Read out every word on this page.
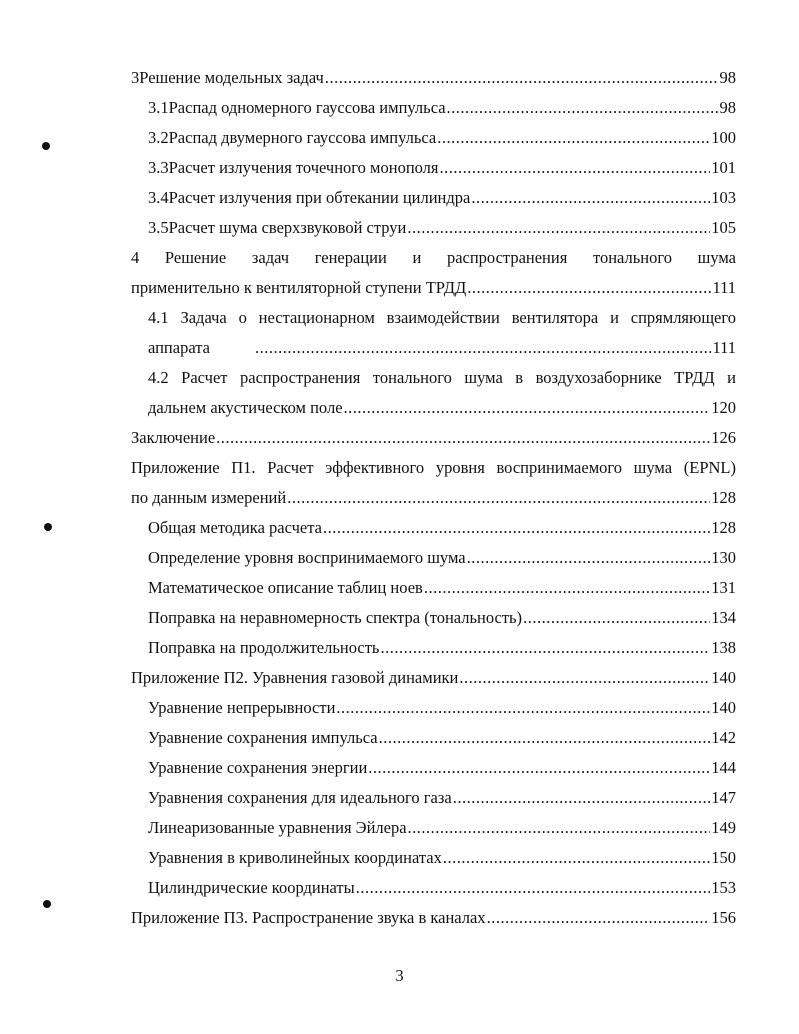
3 Решение модельных задач .....	98
3.1 Распад одномерного гауссова импульса .....	98
3.2 Распад двумерного гауссова импульса .....	100
3.3 Расчет излучения точечного монополя .....	101
3.4 Расчет излучения при обтекании цилиндра .....	103
3.5 Расчет шума сверхзвуковой струи .....	105
4 Решение задач генерации и распространения тонального шума
применительно к вентиляторной ступени ТРДД .....	111
4.1 Задача о нестационарном взаимодействии вентилятора и спрямляющего
аппарата .....	111
4.2 Расчет распространения тонального шума в воздухозаборнике ТРДД и
дальнем акустическом поле .....	120
Заключение .....	126
Приложение П1. Расчет эффективного уровня воспринимаемого шума (EPNL)
по данным измерений .....	128
Общая методика расчета .....	128
Определение уровня воспринимаемого шума .....	130
Математическое описание таблиц ноев .....	131
Поправка на неравномерность спектра (тональность) .....	134
Поправка на продолжительность .....	138
Приложение П2. Уравнения газовой динамики .....	140
Уравнение непрерывности .....	140
Уравнение сохранения импульса .....	142
Уравнение сохранения энергии .....	144
Уравнения сохранения для идеального газа .....	147
Линеаризованные уравнения Эйлера .....	149
Уравнения в криволинейных координатах .....	150
Цилиндрические координаты .....	153
Приложение П3. Распространение звука в каналах .....	156
3
